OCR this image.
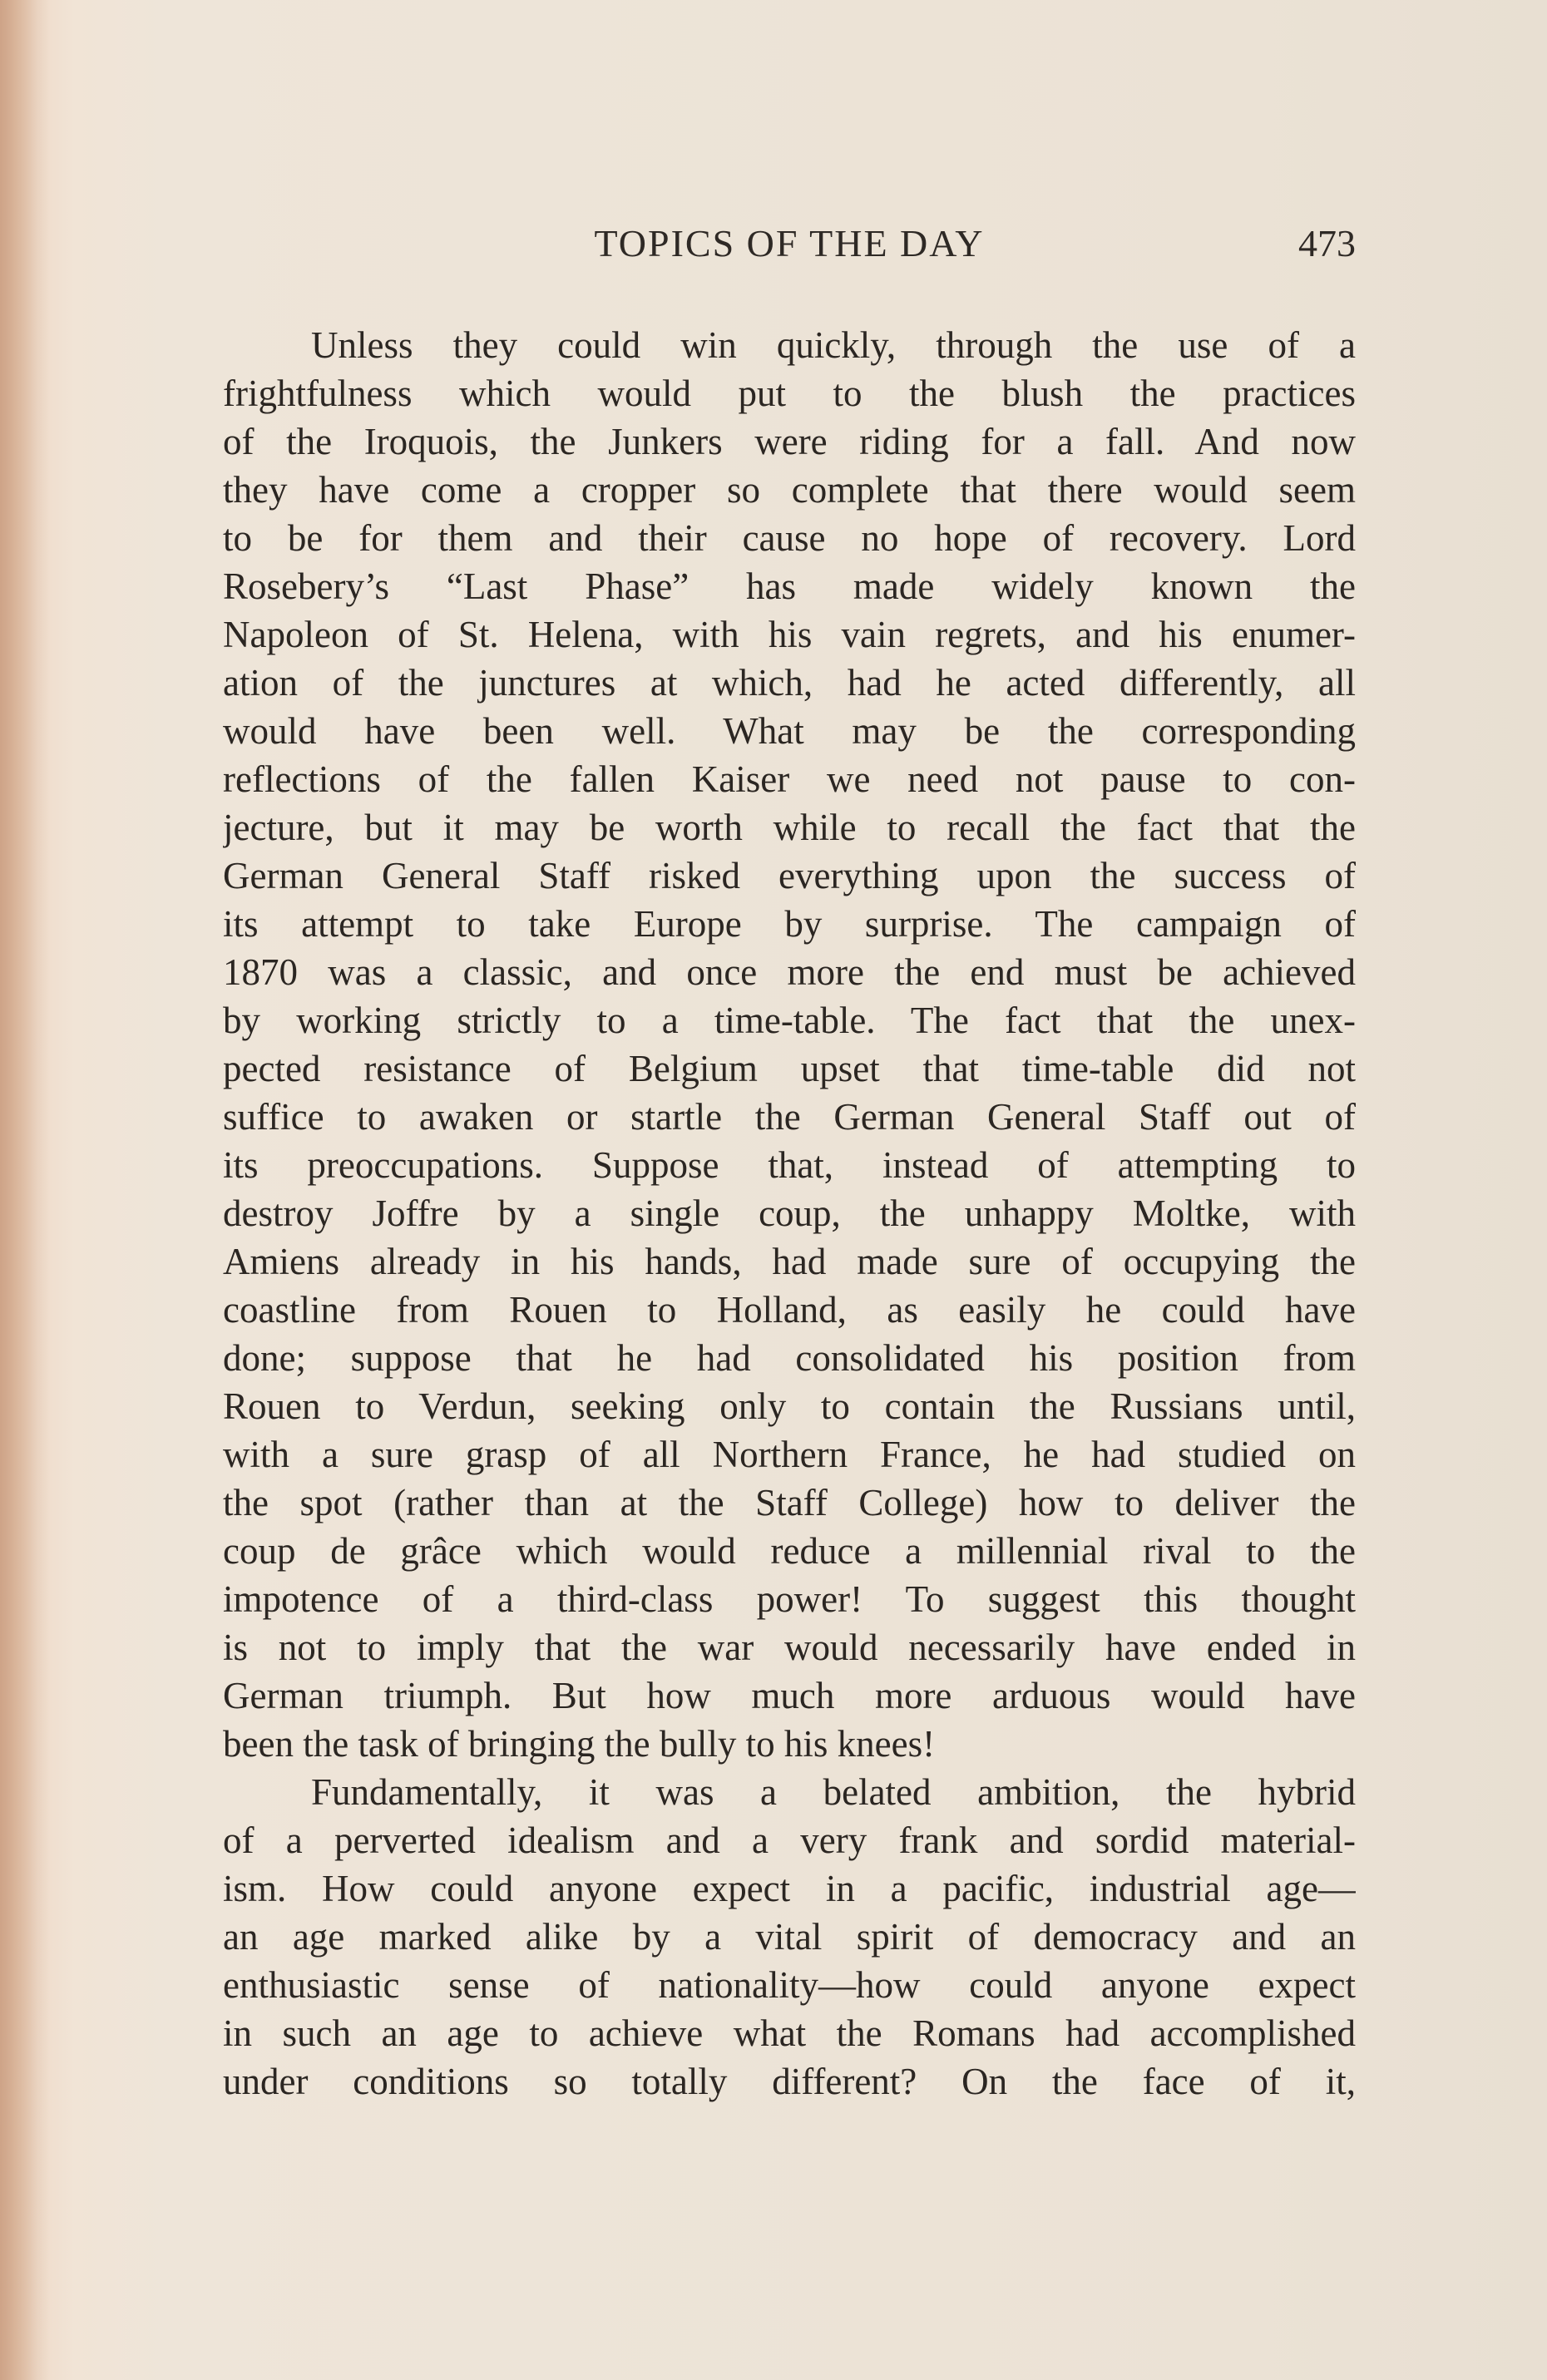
TOPICS OF THE DAY	473
Unless they could win quickly, through the use of a
frightfulness which would put to the blush the practices
of the Iroquois, the Junkers were riding for a fall. And now
they have come a cropper so complete that there would seem
to be for them and their cause no hope of recovery. Lord
Rosebery’s “Last Phase” has made widely known the
Napoleon of St. Helena, with his vain regrets, and his enumer-
ation of the junctures at which, had he acted differently, all
would have been well. What may be the corresponding
reflections of the fallen Kaiser we need not pause to con-
jecture, but it may be worth while to recall the fact that the
German General Staff risked everything upon the success of
its attempt to take Europe by surprise. The campaign of
1870 was a classic, and once more the end must be achieved
by working strictly to a time-table. The fact that the unex-
pected resistance of Belgium upset that time-table did not
suffice to awaken or startle the German General Staff out of
its preoccupations. Suppose that, instead of attempting to
destroy Joffre by a single coup, the unhappy Moltke, with
Amiens already in his hands, had made sure of occupying the
coastline from Rouen to Holland, as easily he could have
done; suppose that he had consolidated his position from
Rouen to Verdun, seeking only to contain the Russians until,
with a sure grasp of all Northern France, he had studied on
the spot (rather than at the Staff College) how to deliver the
coup de grâce which would reduce a millennial rival to the
impotence of a third-class power! To suggest this thought
is not to imply that the war would necessarily have ended in
German triumph. But how much more arduous would have
been the task of bringing the bully to his knees!
Fundamentally, it was a belated ambition, the hybrid
of a perverted idealism and a very frank and sordid material-
ism. How could anyone expect in a pacific, industrial age—
an age marked alike by a vital spirit of democracy and an
enthusiastic sense of nationality—how could anyone expect
in such an age to achieve what the Romans had accomplished
under conditions so totally different? On the face of it,
